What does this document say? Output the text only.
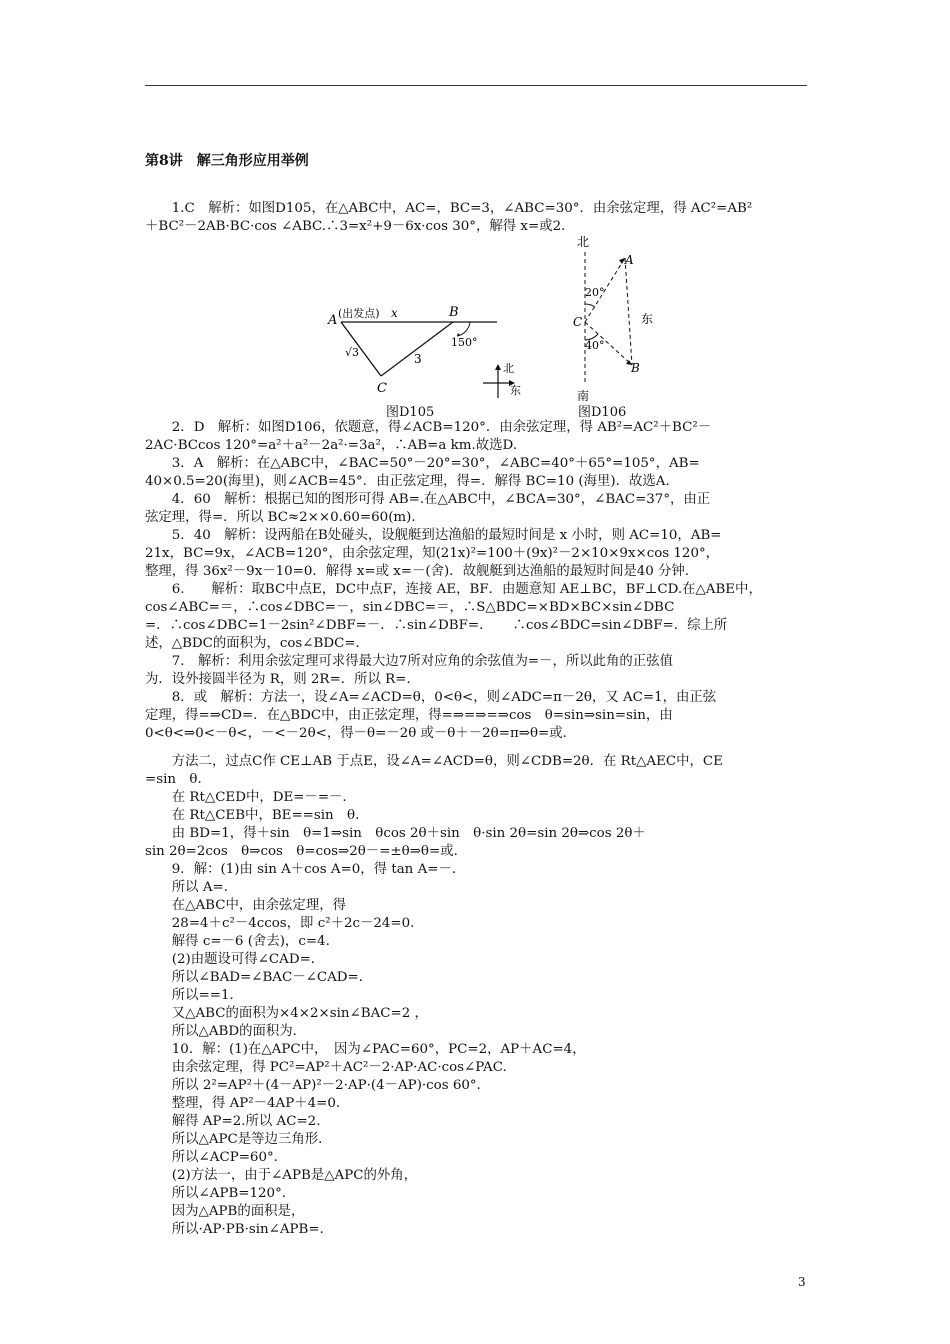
第8讲　解三角形应用举例

　　1.C　解析：如图D105，在△ABC中，AC=，BC=3，∠ABC=30°．由余弦定理，得 AC²=AB²

＋BC²－2AB·BC·cos ∠ABC.∴3=x²+9－6x·cos 30°，解得 x=或2．

A (出发点) x	B
150°
√3	3
C
北
东
北
A
20°
C	东
40°
B
南
图D105	图D106

　　2．D　解析：如图D106，依题意，得∠ACB=120°．由余弦定理，得 AB²=AC²＋BC²－

2AC·BCcos 120°=a²＋a²－2a²·=3a²，∴AB=a km.故选D.

　　3．A　解析：在△ABC中，∠BAC=50°－20°=30°，∠ABC=40°＋65°=105°，AB=

40×0.5=20(海里)，则∠ACB=45°．由正弦定理，得=．解得 BC=10 (海里)．故选A.

　　4．60　解析：根据已知的图形可得 AB=.在△ABC中，∠BCA=30°，∠BAC=37°，由正

弦定理，得=．所以 BC≈2××0.60=60(m)．

　　5．40　解析：设两船在B处碰头，设舰艇到达渔船的最短时间是 x 小时，则 AC=10，AB=

21x，BC=9x，∠ACB=120°，由余弦定理，知(21x)²=100＋(9x)²－2×10×9x×cos 120°，

整理，得 36x²－9x－10=0．解得 x=或 x=－(舍)．故舰艇到达渔船的最短时间是40 分钟．

　　6.　　解析：取BC中点E，DC中点F，连接 AE，BF．由题意知 AE⊥BC，BF⊥CD.在△ABE中，

cos∠ABC=＝，∴cos∠DBC=－，sin∠DBC=＝，∴S△BDC=×BD×BC×sin∠DBC

=．∴cos∠DBC=1－2sin²∠DBF=－．∴sin∠DBF=．　　∴cos∠BDC=sin∠DBF=．综上所

述，△BDC的面积为，cos∠BDC=．

　　7.　解析：利用余弦定理可求得最大边7所对应角的余弦值为=－，所以此角的正弦值

为．设外接圆半径为 R，则 2R=．所以 R=．

　　8．或　解析：方法一，设∠A=∠ACD=θ，0<θ<，则∠ADC=π－2θ，又 AC=1，由正弦

定理，得=⇒CD=．在△BDC中，由正弦定理，得=⇒=⇒=⇒cos　θ=sin⇒sin=sin，由

0<θ<⇒0<－θ<，－<－2θ<，得－θ=－2θ 或－θ＋－2θ=π⇒θ=或．

　　方法二，过点C作 CE⊥AB 于点E，设∠A=∠ACD=θ，则∠CDB=2θ．在 Rt△AEC中，CE

=sin　θ．

　　在 Rt△CED中，DE=－=－．

　　在 Rt△CEB中，BE==sin　θ．

　　由 BD=1，得＋sin　θ=1⇒sin　θcos 2θ＋sin　θ·sin 2θ=sin 2θ⇒cos 2θ＋

sin 2θ=2cos　θ⇒cos　θ=cos⇒2θ－=±θ⇒θ=或．

　　9．解：(1)由 sin A＋cos A=0，得 tan A=－．

　　所以 A=．

　　在△ABC中，由余弦定理，得

　　28=4＋c²－4ccos，即 c²＋2c－24=0.

　　解得 c=－6 (舍去)，c=4.

　　(2)由题设可得∠CAD=．

　　所以∠BAD=∠BAC－∠CAD=．

　　所以==1．

　　又△ABC的面积为×4×2×sin∠BAC=2 ，

　　所以△ABD的面积为．

　　10．解：(1)在△APC中，　因为∠PAC=60°，PC=2，AP＋AC=4，

　　由余弦定理，得 PC²=AP²＋AC²－2·AP·AC·cos∠PAC.

　　所以 2²=AP²＋(4－AP)²－2·AP·(4－AP)·cos 60°．

　　整理，得 AP²－4AP＋4=0.

　　解得 AP=2.所以 AC=2.

　　所以△APC是等边三角形．

　　所以∠ACP=60°．

　　(2)方法一，由于∠APB是△APC的外角，

　　所以∠APB=120°．

　　因为△APB的面积是，

　　所以·AP·PB·sin∠APB=．

3
